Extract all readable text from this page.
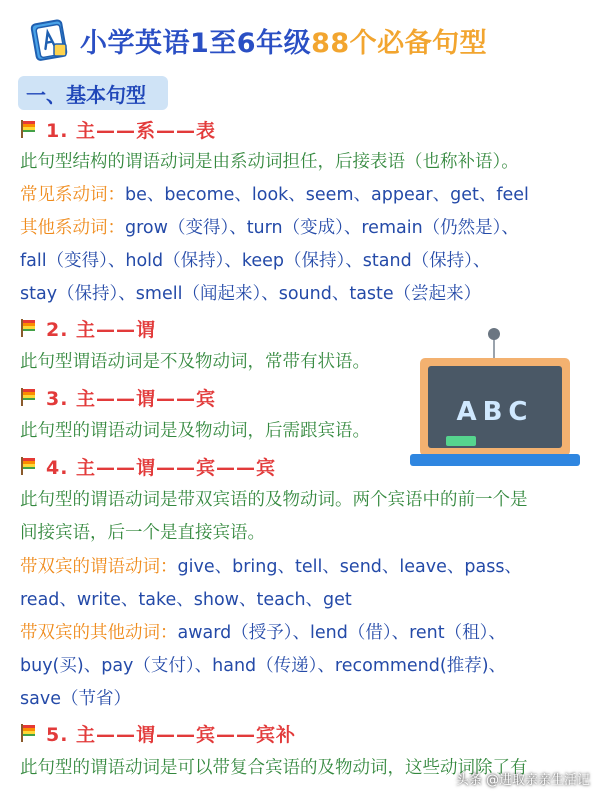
小学英语1至6年级88个必备句型
一、基本句型
1. 主——系——表
此句型结构的谓语动词是由系动词担任，后接表语（也称补语）。
常见系动词：be、become、look、seem、appear、get、feel
其他系动词：grow（变得）、turn（变成）、remain（仍然是）、
fall（变得）、hold（保持）、keep（保持）、stand（保持）、
stay（保持）、smell（闻起来）、sound、taste（尝起来）
2. 主——谓
此句型谓语动词是不及物动词，常带有状语。
3. 主——谓——宾
此句型的谓语动词是及物动词，后需跟宾语。
4. 主——谓——宾——宾
此句型的谓语动词是带双宾语的及物动词。两个宾语中的前一个是
间接宾语，后一个是直接宾语。
带双宾的谓语动词：give、bring、tell、send、leave、pass、
read、write、take、show、teach、get
带双宾的其他动词：award（授予）、lend（借）、rent（租）、
buy(买)、pay（支付）、hand（传递）、recommend(推荐)、
save（节省）
5. 主——谓——宾——宾补
此句型的谓语动词是可以带复合宾语的及物动词，这些动词除了有
ABC
头条 @进取亲亲生活记
